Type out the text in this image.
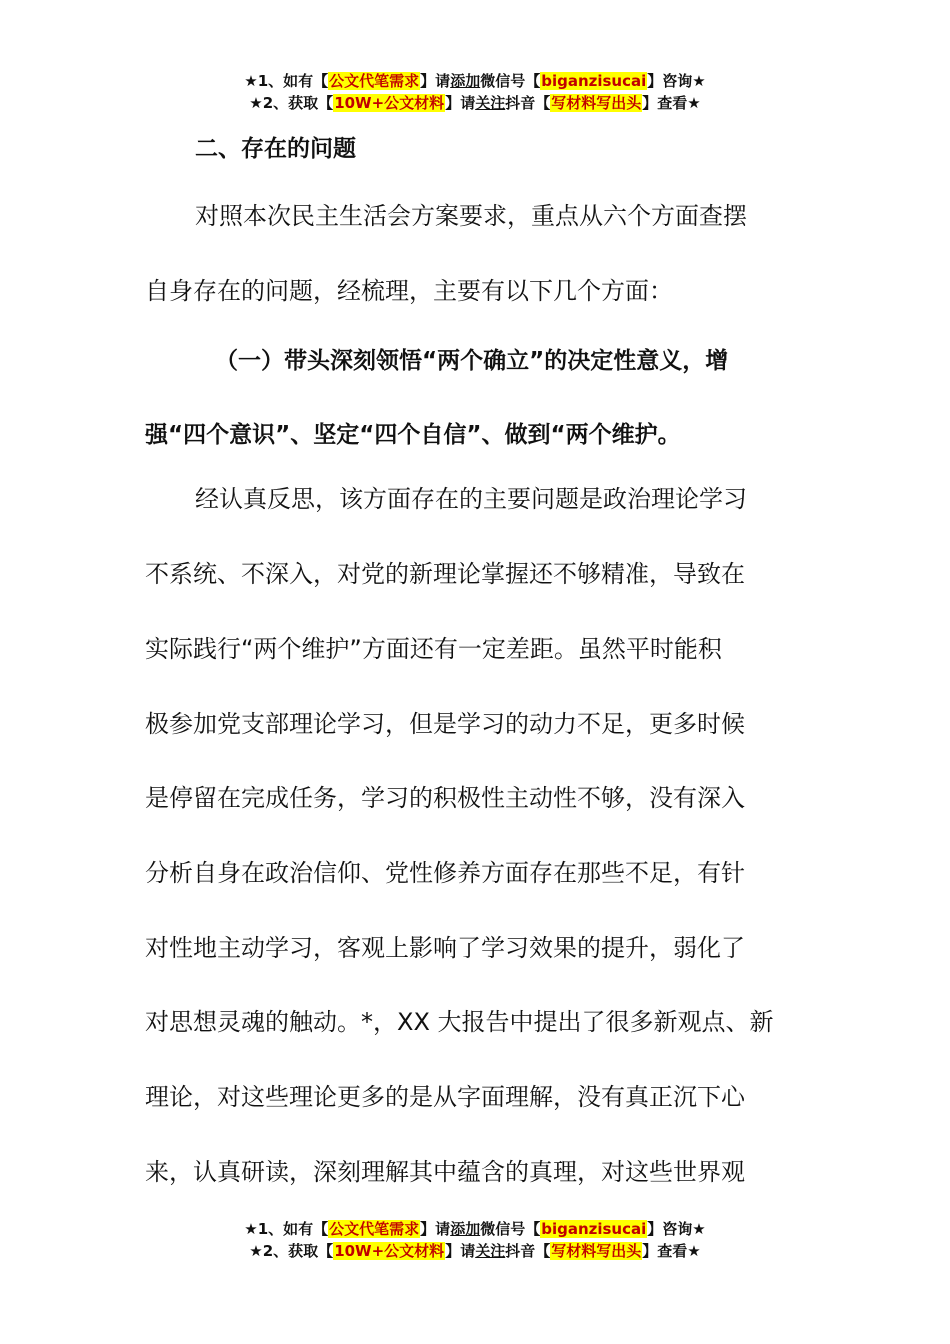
★1、如有【公文代笔需求】请添加微信号【biganzisucai】咨询★
★2、获取【10W+公文材料】请关注抖音【写材料写出头】查看★
二、存在的问题
对照本次民主生活会方案要求，重点从六个方面查摆
自身存在的问题，经梳理，主要有以下几个方面：
（一）带头深刻领悟“两个确立”的决定性意义，增
强“四个意识”、坚定“四个自信”、做到“两个维护。
经认真反思，该方面存在的主要问题是政治理论学习
不系统、不深入，对党的新理论掌握还不够精准，导致在
实际践行“两个维护”方面还有一定差距。虽然平时能积
极参加党支部理论学习，但是学习的动力不足，更多时候
是停留在完成任务，学习的积极性主动性不够，没有深入
分析自身在政治信仰、党性修养方面存在那些不足，有针
对性地主动学习，客观上影响了学习效果的提升，弱化了
对思想灵魂的触动。*，XX 大报告中提出了很多新观点、新
理论，对这些理论更多的是从字面理解，没有真正沉下心
来，认真研读，深刻理解其中蕴含的真理，对这些世界观
★1、如有【公文代笔需求】请添加微信号【biganzisucai】咨询★
★2、获取【10W+公文材料】请关注抖音【写材料写出头】查看★
